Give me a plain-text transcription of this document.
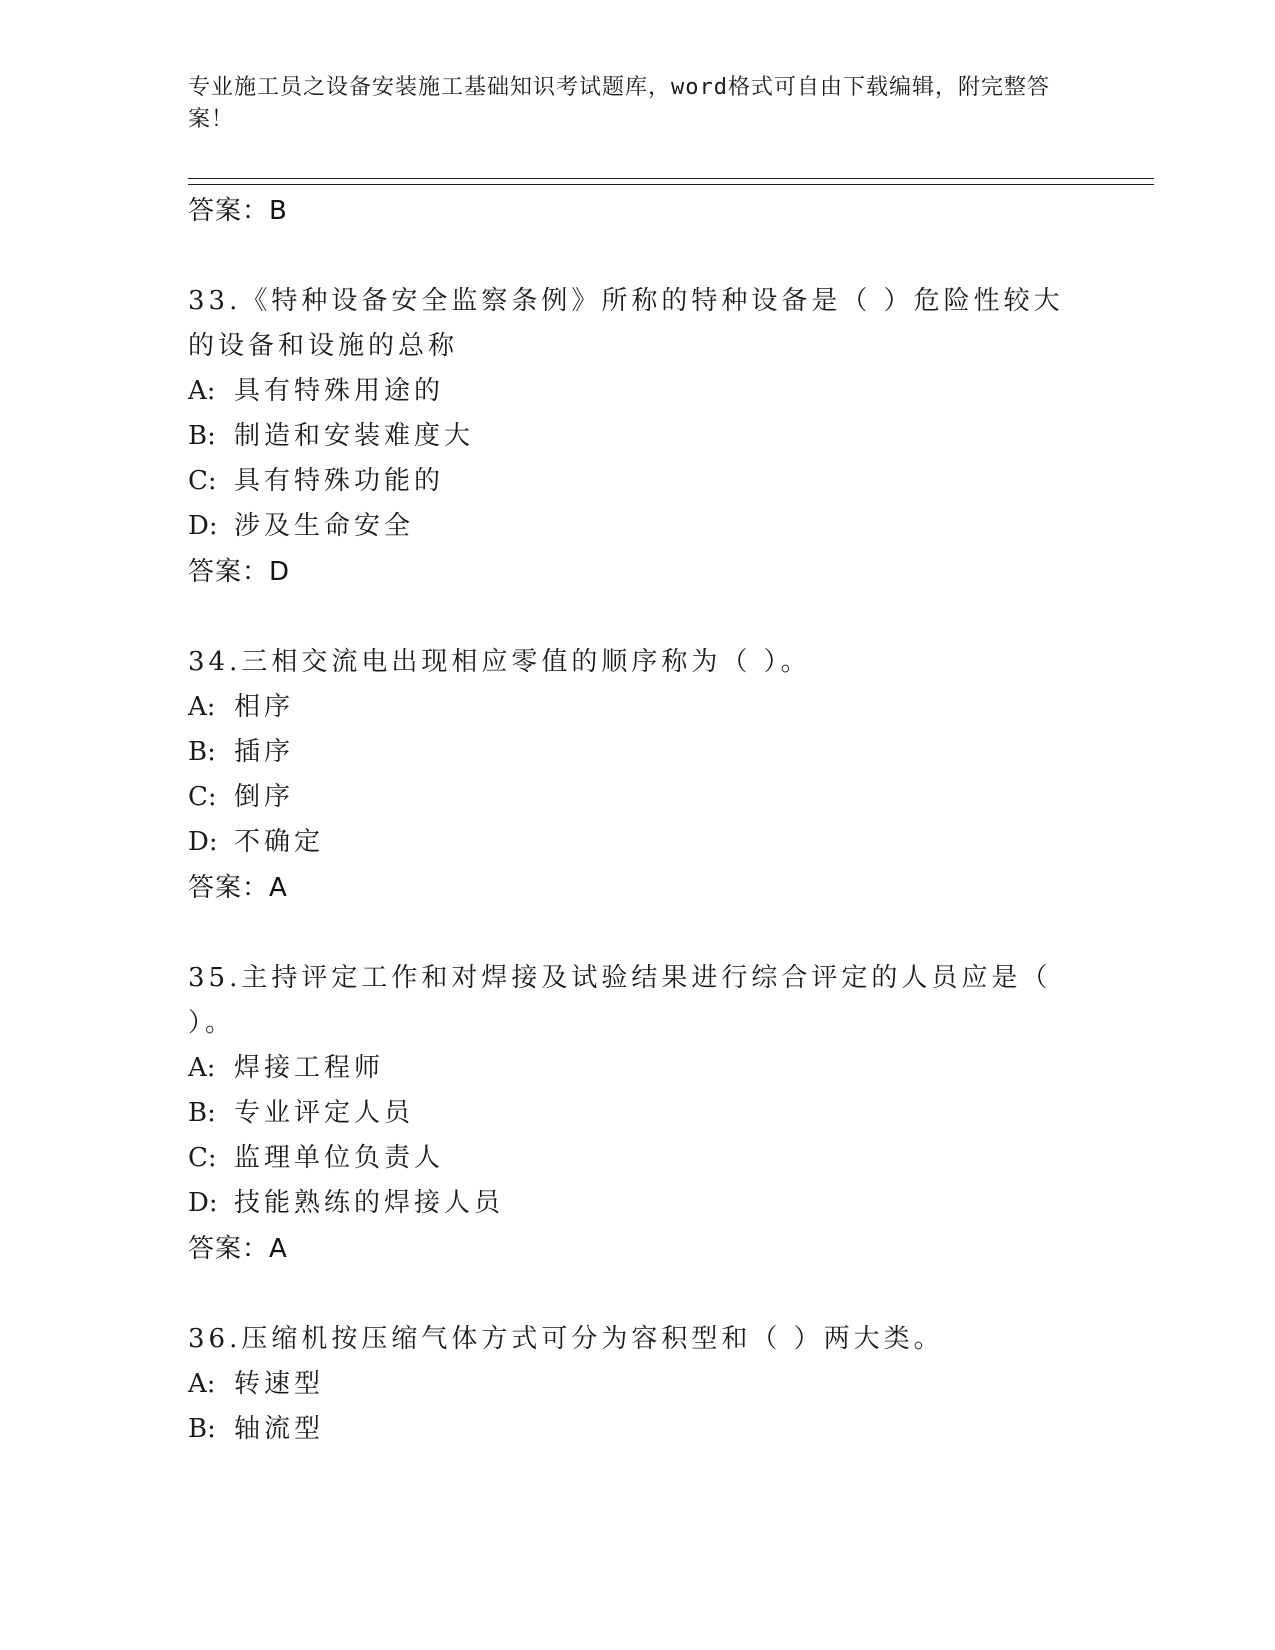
专业施工员之设备安装施工基础知识考试题库，word格式可自由下载编辑，附完整答案！
答案：B
33.《特种设备安全监察条例》所称的特种设备是（ ）危险性较大的设备和设施的总称
A: 具有特殊用途的
B: 制造和安装难度大
C: 具有特殊功能的
D: 涉及生命安全
答案：D
34.三相交流电出现相应零值的顺序称为（ ）。
A: 相序
B: 插序
C: 倒序
D: 不确定
答案：A
35.主持评定工作和对焊接及试验结果进行综合评定的人员应是（ ）。
A: 焊接工程师
B: 专业评定人员
C: 监理单位负责人
D: 技能熟练的焊接人员
答案：A
36.压缩机按压缩气体方式可分为容积型和（ ）两大类。
A: 转速型
B: 轴流型
